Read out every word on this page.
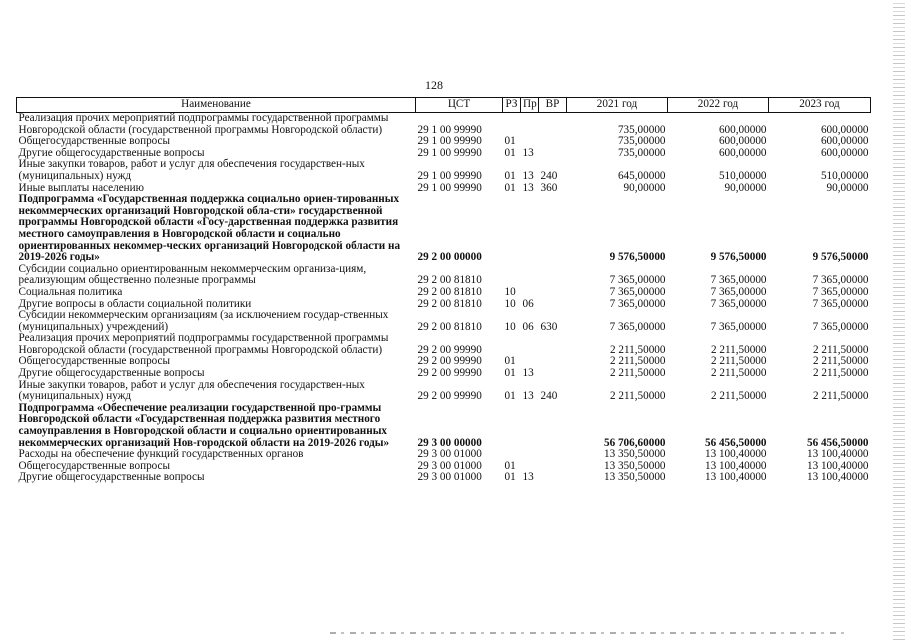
128
Наименование	ЦСТ	РЗ	Пр	ВР	2021 год	2022 год	2023 год
Реализация прочих мероприятий подпрограммы государственной программы Новгородской области (государственной программы Новгородской области)	29 1 00 99990				735,00000	600,00000	600,00000
Общегосударственные вопросы	29 1 00 99990	01			735,00000	600,00000	600,00000
Другие общегосударственные вопросы	29 1 00 99990	01	13		735,00000	600,00000	600,00000
Иные закупки товаров, работ и услуг для обеспечения государствен-ных (муниципальных) нужд	29 1 00 99990	01	13	240	645,00000	510,00000	510,00000
Иные выплаты населению	29 1 00 99990	01	13	360	90,00000	90,00000	90,00000
Подпрограмма «Государственная поддержка социально ориен-тированных некоммерческих организаций Новгородской обла-сти» государственной программы Новгородской области «Госу-дарственная поддержка развития местного самоуправления в Новгородской области и социально ориентированных некоммер-ческих организаций Новгородской области на 2019-2026 годы»	29 2 00 00000				9 576,50000	9 576,50000	9 576,50000
Субсидии социально ориентированным некоммерческим организа-циям, реализующим общественно полезные программы	29 2 00 81810				7 365,00000	7 365,00000	7 365,00000
Социальная политика	29 2 00 81810	10			7 365,00000	7 365,00000	7 365,00000
Другие вопросы в области социальной политики	29 2 00 81810	10	06		7 365,00000	7 365,00000	7 365,00000
Субсидии некоммерческим организациям (за исключением государ-ственных (муниципальных) учреждений)	29 2 00 81810	10	06	630	7 365,00000	7 365,00000	7 365,00000
Реализация прочих мероприятий подпрограммы государственной программы Новгородской области (государственной программы Новгородской области)	29 2 00 99990				2 211,50000	2 211,50000	2 211,50000
Общегосударственные вопросы	29 2 00 99990	01			2 211,50000	2 211,50000	2 211,50000
Другие общегосударственные вопросы	29 2 00 99990	01	13		2 211,50000	2 211,50000	2 211,50000
Иные закупки товаров, работ и услуг для обеспечения государствен-ных (муниципальных) нужд	29 2 00 99990	01	13	240	2 211,50000	2 211,50000	2 211,50000
Подпрограмма «Обеспечение реализации государственной про-граммы Новгородской области «Государственная поддержка развития местного самоуправления в Новгородской области и социально ориентированных некоммерческих организаций Нов-городской области на 2019-2026 годы»	29 3 00 00000				56 706,60000	56 456,50000	56 456,50000
Расходы на обеспечение функций государственных органов	29 3 00 01000				13 350,50000	13 100,40000	13 100,40000
Общегосударственные вопросы	29 3 00 01000	01			13 350,50000	13 100,40000	13 100,40000
Другие общегосударственные вопросы	29 3 00 01000	01	13		13 350,50000	13 100,40000	13 100,40000
